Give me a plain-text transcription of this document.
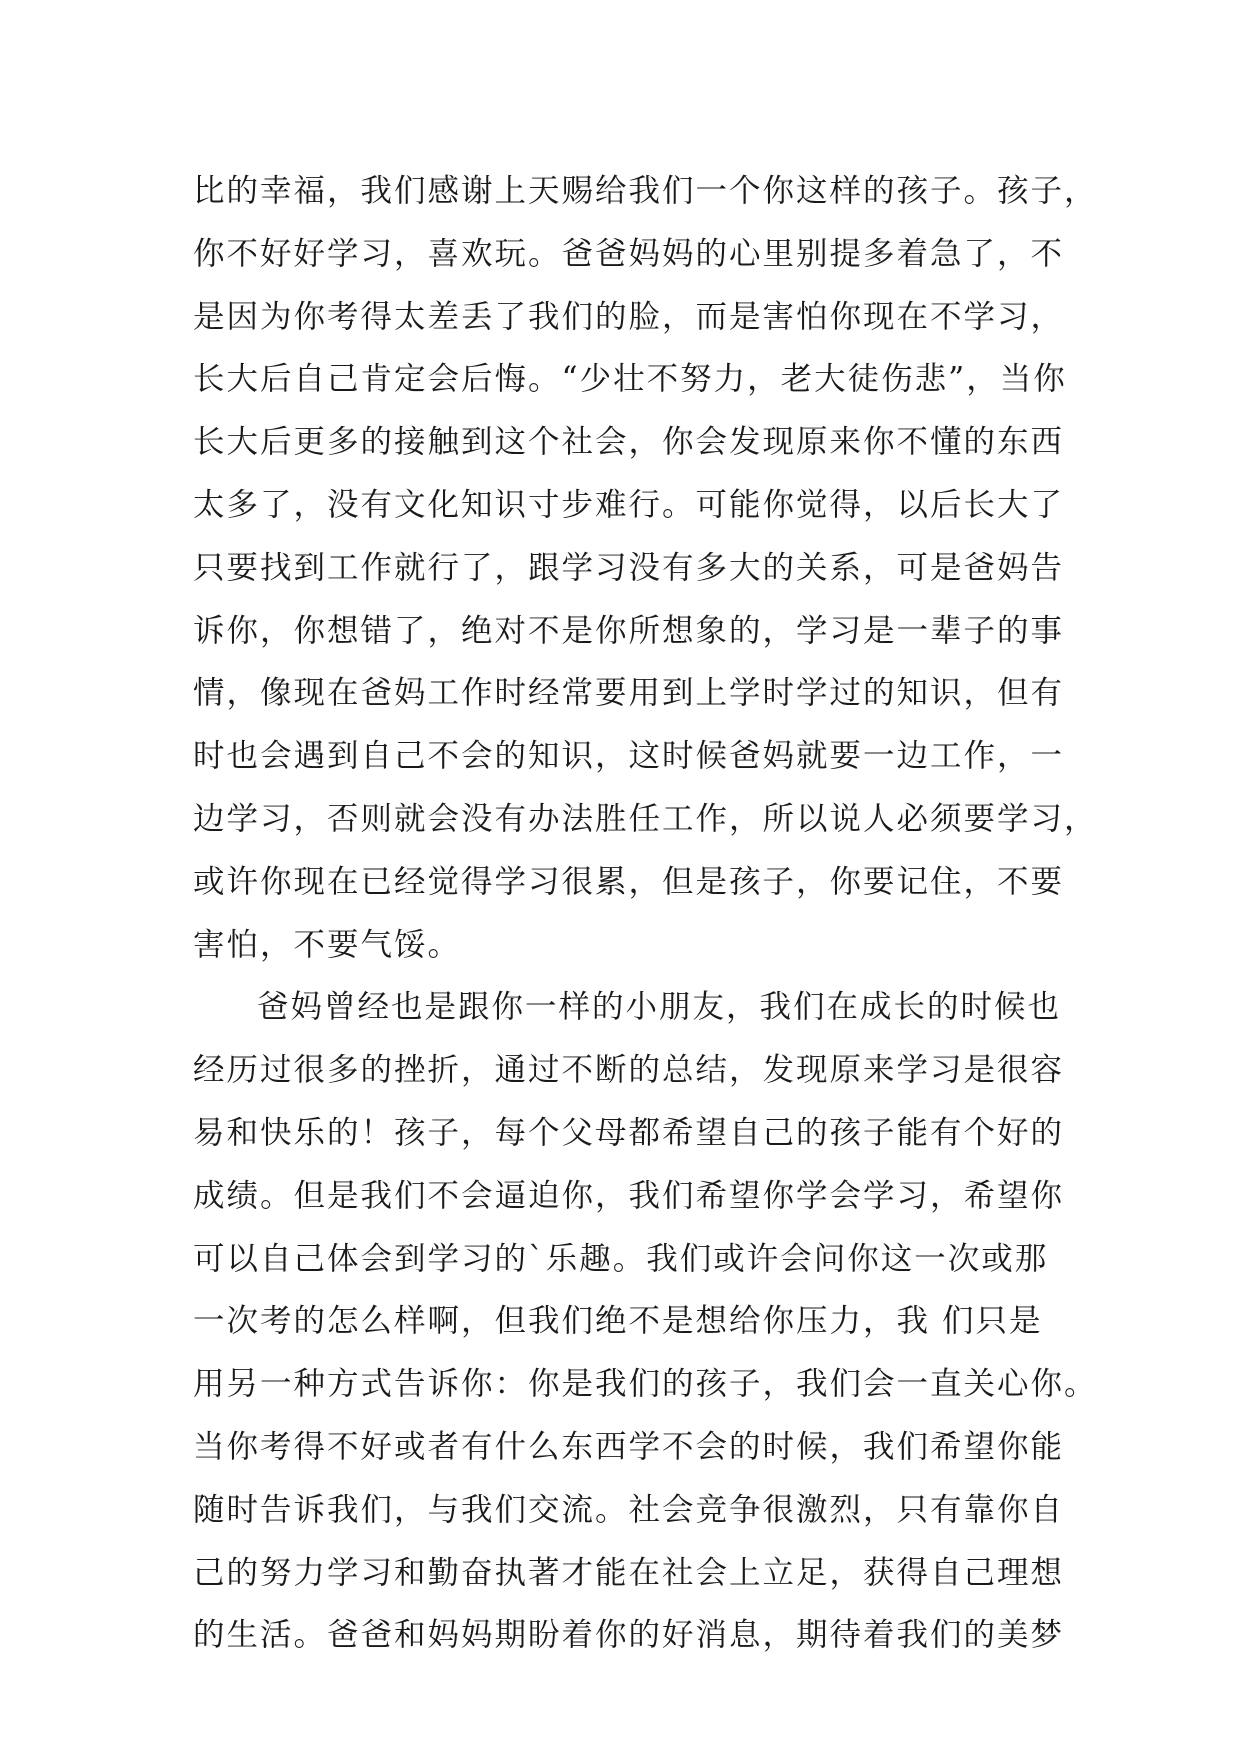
比的幸福，我们感谢上天赐给我们一个你这样的孩子。孩子，
你不好好学习，喜欢玩。爸爸妈妈的心里别提多着急了，不
是因为你考得太差丢了我们的脸，而是害怕你现在不学习，
长大后自己肯定会后悔。“少壮不努力，老大徒伤悲”，当你
长大后更多的接触到这个社会，你会发现原来你不懂的东西
太多了，没有文化知识寸步难行。可能你觉得，以后长大了
只要找到工作就行了，跟学习没有多大的关系，可是爸妈告
诉你，你想错了，绝对不是你所想象的，学习是一辈子的事
情，像现在爸妈工作时经常要用到上学时学过的知识，但有
时也会遇到自己不会的知识，这时候爸妈就要一边工作，一
边学习，否则就会没有办法胜任工作，所以说人必须要学习，
或许你现在已经觉得学习很累，但是孩子，你要记住，不要
害怕，不要气馁。
爸妈曾经也是跟你一样的小朋友，我们在成长的时候也
经历过很多的挫折，通过不断的总结，发现原来学习是很容
易和快乐的！孩子，每个父母都希望自己的孩子能有个好的
成绩。但是我们不会逼迫你，我们希望你学会学习，希望你
可以自己体会到学习的`乐趣。我们或许会问你这一次或那
一次考的怎么样啊，但我们绝不是想给你压力，我 们只是
用另一种方式告诉你：你是我们的孩子，我们会一直关心你。
当你考得不好或者有什么东西学不会的时候，我们希望你能
随时告诉我们，与我们交流。社会竞争很激烈，只有靠你自
己的努力学习和勤奋执著才能在社会上立足，获得自己理想
的生活。爸爸和妈妈期盼着你的好消息，期待着我们的美梦
